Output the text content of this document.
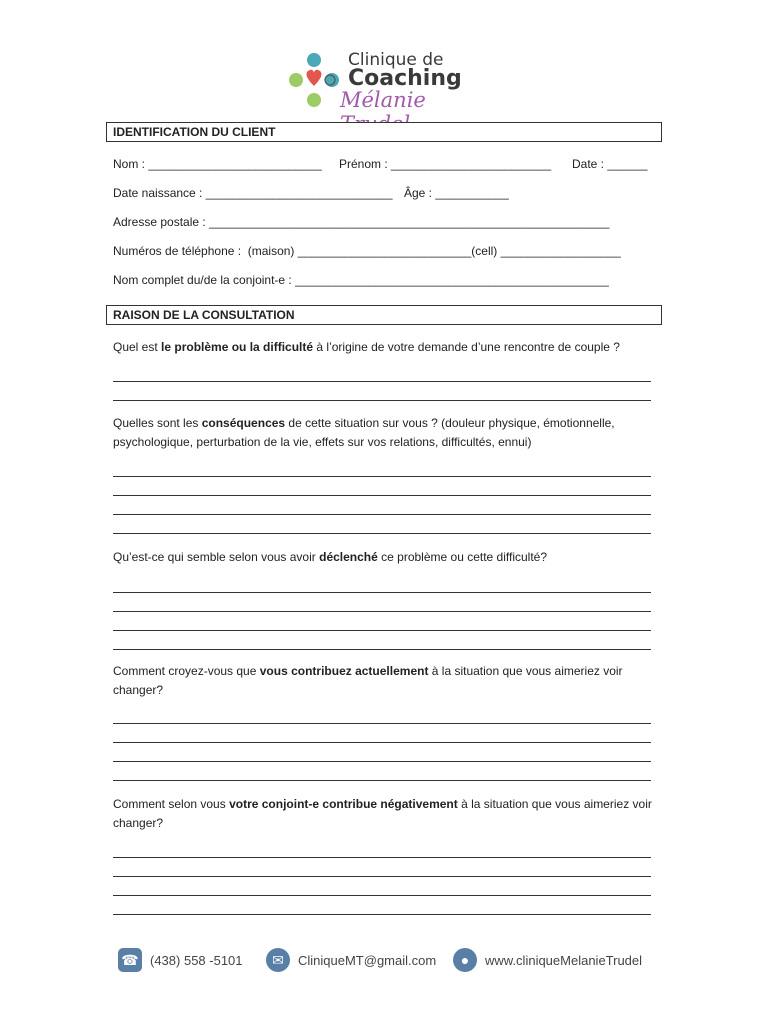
Clinique de
Coaching
Mélanie
IDENTIFICATION DU CLIENT
Nom : __________________________ Prénom : ________________________ Date : ______
Date naissance : ____________________________ Âge : ___________
Adresse postale : ____________________________________________________________
Numéros de téléphone :  (maison) __________________________(cell) __________________
Nom complet du/de la conjoint-e : _______________________________________________
RAISON DE LA CONSULTATION
Quel est le problème ou la difficulté à l’origine de votre demande d’une rencontre de couple ?
Quelles sont les conséquences de cette situation sur vous ? (douleur physique, émotionnelle, psychologique, perturbation de la vie, effets sur vos relations, difficultés, ennui)
Qu’est-ce qui semble selon vous avoir déclenché ce problème ou cette difficulté?
Comment croyez-vous que vous contribuez actuellement à la situation que vous aimeriez voir changer?
Comment selon vous votre conjoint-e contribue négativement à la situation que vous aimeriez voir changer?
☎ (438) 558 -5101	✉	CliniqueMT@gmail.com	●	www.cliniqueMelanieTrudel
